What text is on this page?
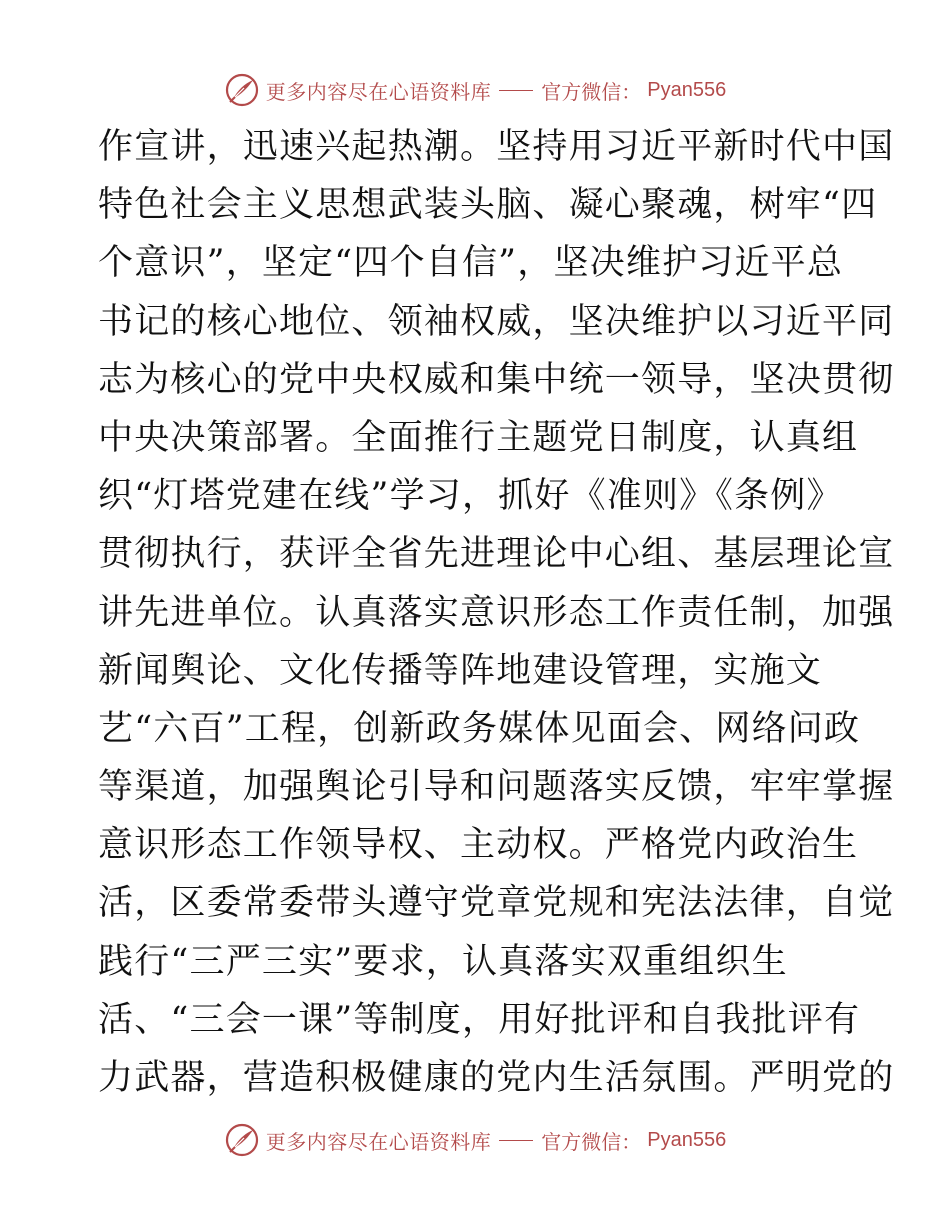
更多内容尽在心语资料库	官方微信： Pyan556
作宣讲，迅速兴起热潮。坚持用习近平新时代中国
特色社会主义思想武装头脑、凝心聚魂，树牢“四
个意识”，坚定“四个自信”，坚决维护习近平总
书记的核心地位、领袖权威，坚决维护以习近平同
志为核心的党中央权威和集中统一领导，坚决贯彻
中央决策部署。全面推行主题党日制度，认真组
织“灯塔党建在线”学习，抓好《准则》《条例》
贯彻执行，获评全省先进理论中心组、基层理论宣
讲先进单位。认真落实意识形态工作责任制，加强
新闻舆论、文化传播等阵地建设管理，实施文
艺“六百”工程，创新政务媒体见面会、网络问政
等渠道，加强舆论引导和问题落实反馈，牢牢掌握
意识形态工作领导权、主动权。严格党内政治生
活，区委常委带头遵守党章党规和宪法法律，自觉
践行“三严三实”要求，认真落实双重组织生
活、“三会一课”等制度，用好批评和自我批评有
力武器，营造积极健康的党内生活氛围。严明党的
更多内容尽在心语资料库	官方微信： Pyan556
